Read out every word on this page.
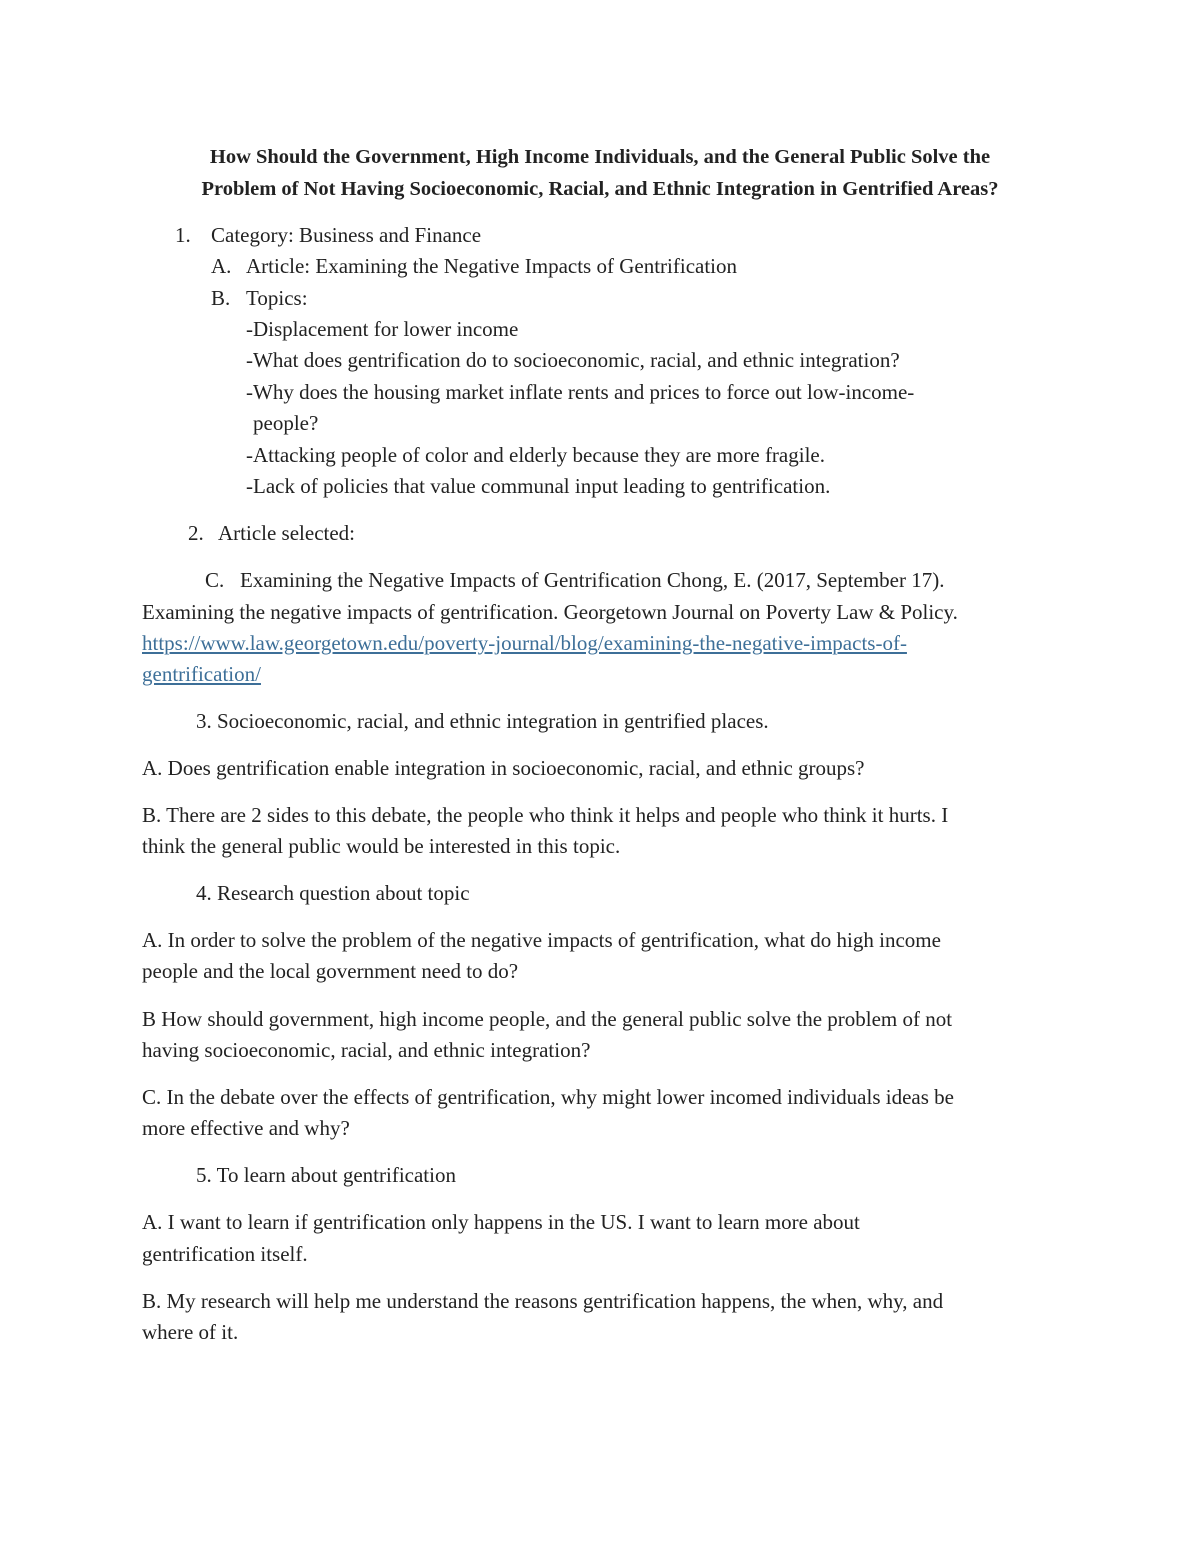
How Should the Government, High Income Individuals, and the General Public Solve the
Problem of Not Having Socioeconomic, Racial, and Ethnic Integration in Gentrified Areas?
1. Category: Business and Finance
A. Article: Examining the Negative Impacts of Gentrification
B. Topics:
-Displacement for lower income
-What does gentrification do to socioeconomic, racial, and ethnic integration?
-Why does the housing market inflate rents and prices to force out low-income-
people?
-Attacking people of color and elderly because they are more fragile.
-Lack of policies that value communal input leading to gentrification.
2. Article selected:
C. Examining the Negative Impacts of Gentrification Chong, E. (2017, September 17).
Examining the negative impacts of gentrification. Georgetown Journal on Poverty Law & Policy.
https://www.law.georgetown.edu/poverty-journal/blog/examining-the-negative-impacts-of-
gentrification/
3. Socioeconomic, racial, and ethnic integration in gentrified places.
A. Does gentrification enable integration in socioeconomic, racial, and ethnic groups?
B. There are 2 sides to this debate, the people who think it helps and people who think it hurts. I
think the general public would be interested in this topic.
4. Research question about topic
A. In order to solve the problem of the negative impacts of gentrification, what do high income
people and the local government need to do?
B How should government, high income people, and the general public solve the problem of not
having socioeconomic, racial, and ethnic integration?
C. In the debate over the effects of gentrification, why might lower incomed individuals ideas be
more effective and why?
5. To learn about gentrification
A. I want to learn if gentrification only happens in the US. I want to learn more about
gentrification itself.
B. My research will help me understand the reasons gentrification happens, the when, why, and
where of it.
